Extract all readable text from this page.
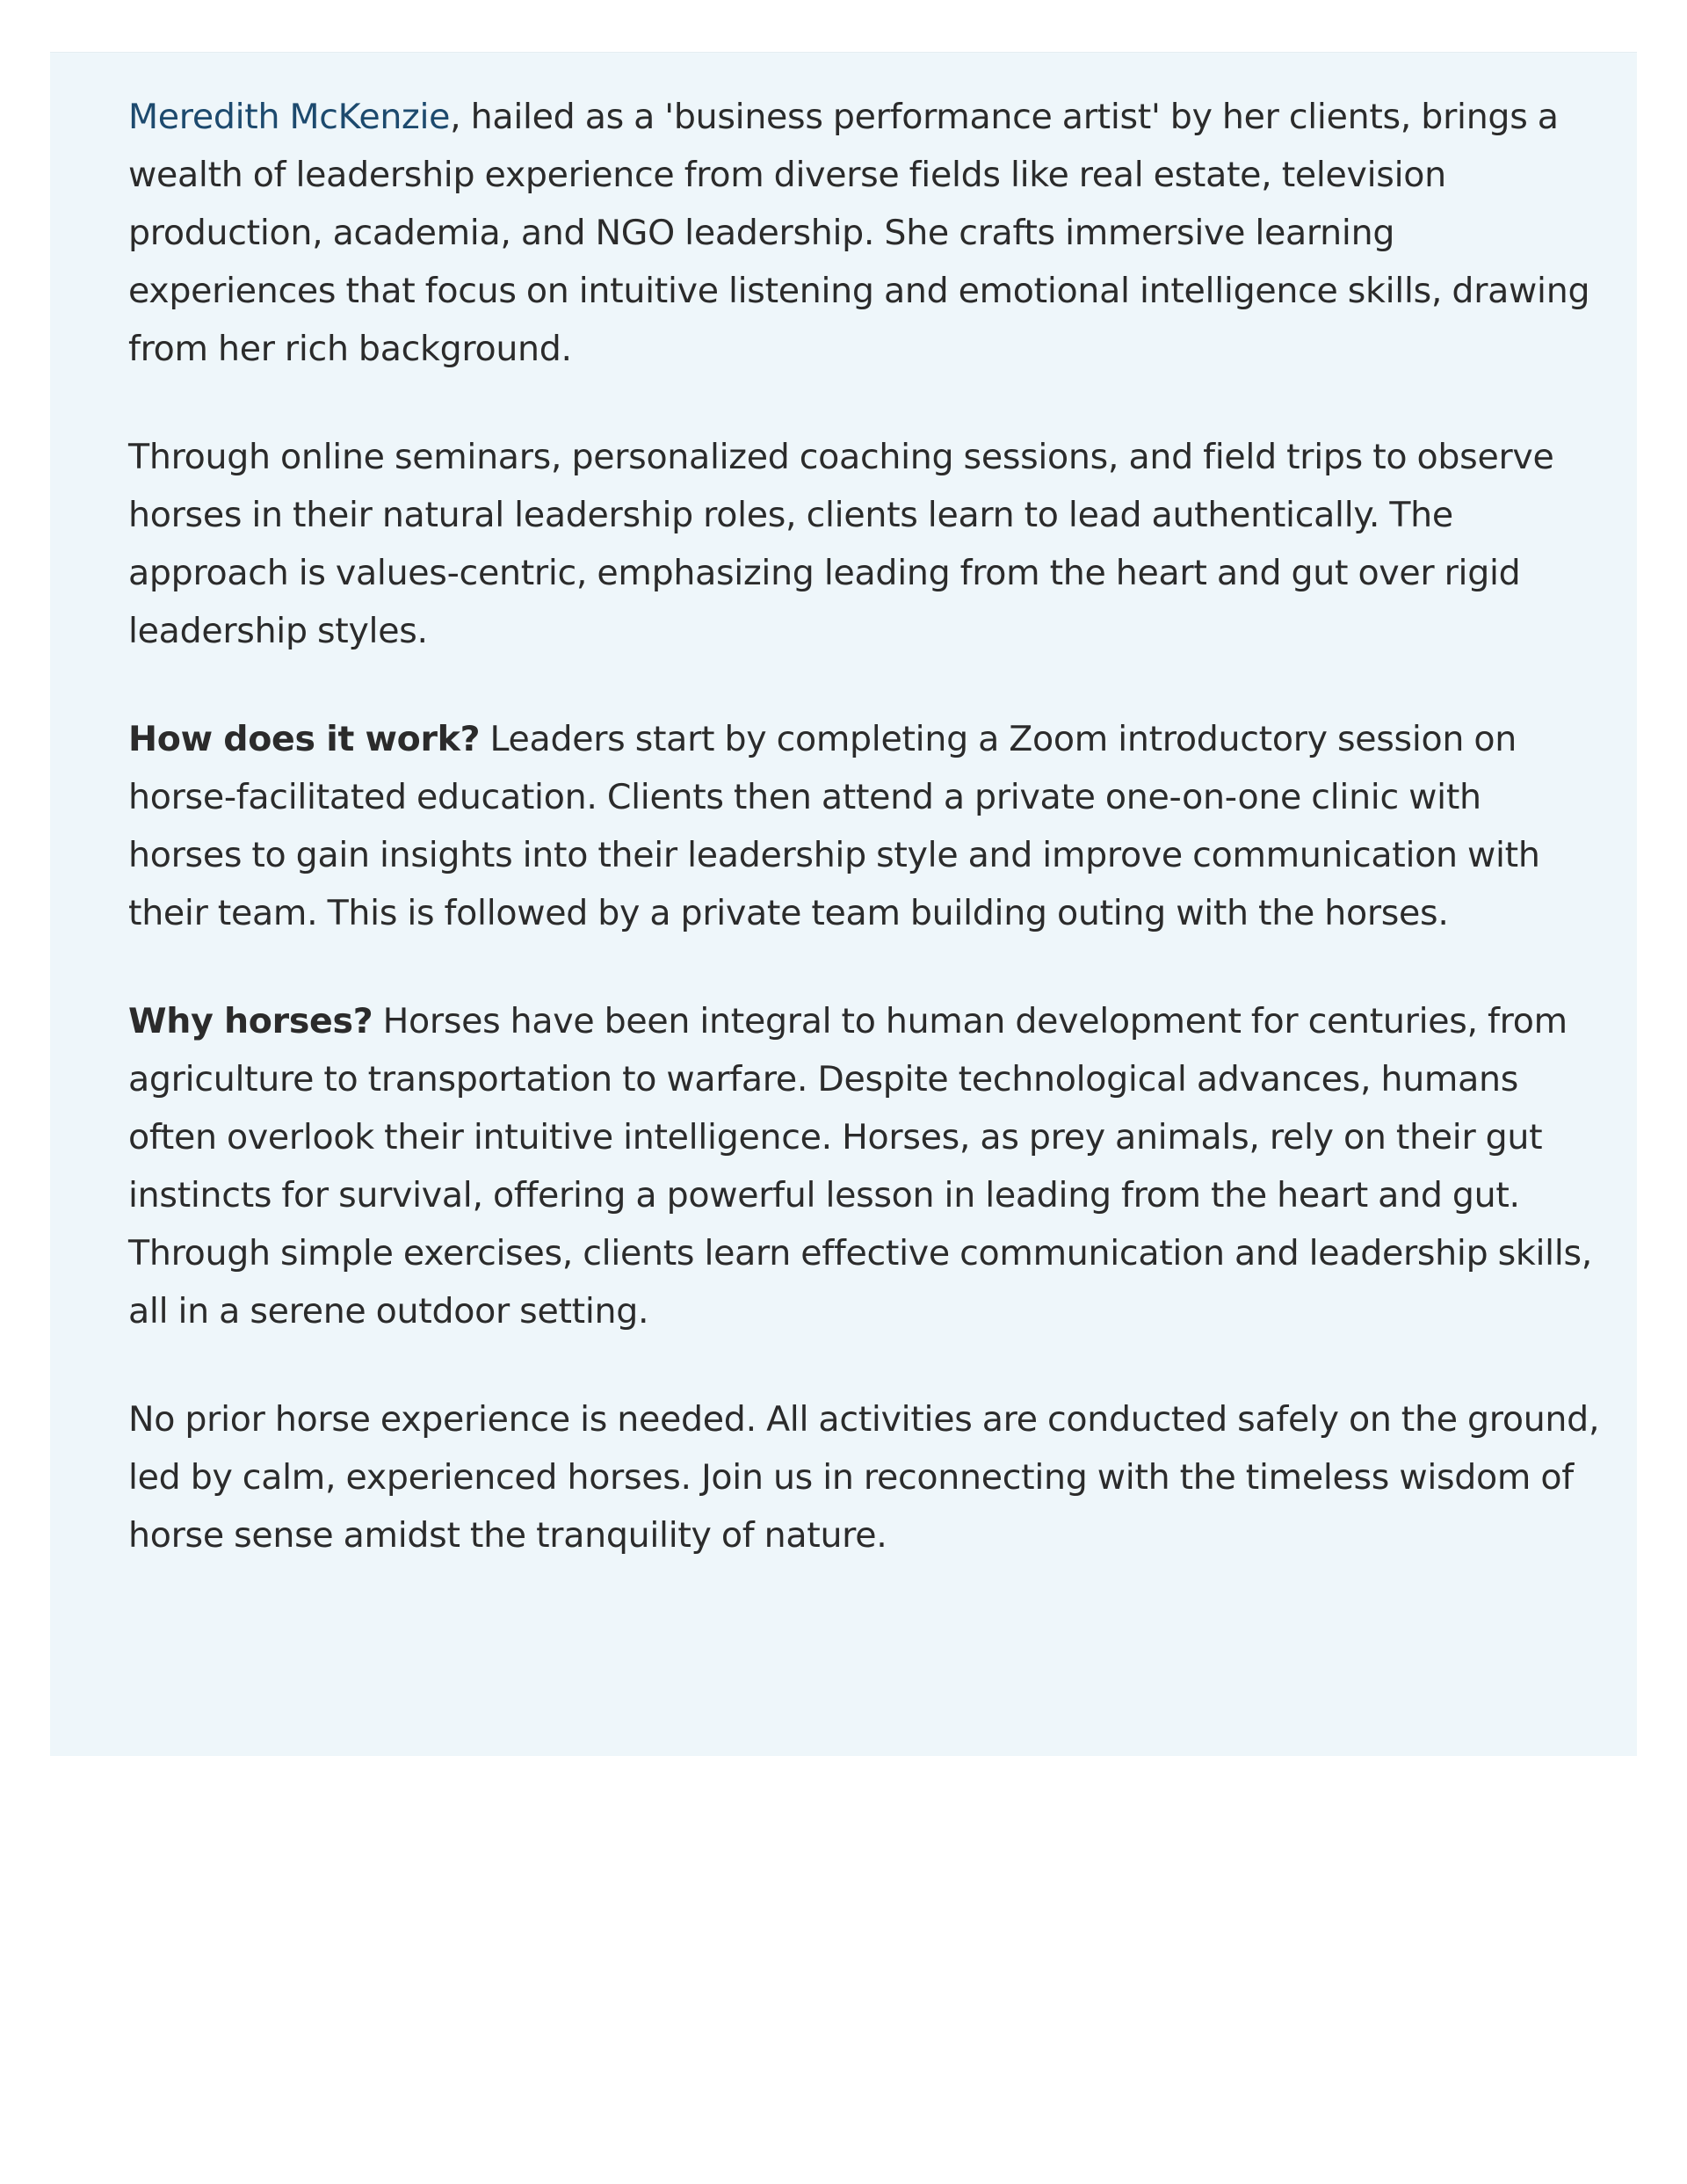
Meredith McKenzie, hailed as a 'business performance artist' by her clients, brings a wealth of leadership experience from diverse fields like real estate, television production, academia, and NGO leadership. She crafts immersive learning experiences that focus on intuitive listening and emotional intelligence skills, drawing from her rich background.

Through online seminars, personalized coaching sessions, and field trips to observe horses in their natural leadership roles, clients learn to lead authentically. The approach is values-centric, emphasizing leading from the heart and gut over rigid leadership styles.

How does it work? Leaders start by completing a Zoom introductory session on horse-facilitated education. Clients then attend a private one-on-one clinic with horses to gain insights into their leadership style and improve communication with their team. This is followed by a private team building outing with the horses.

Why horses? Horses have been integral to human development for centuries, from agriculture to transportation to warfare. Despite technological advances, humans often overlook their intuitive intelligence. Horses, as prey animals, rely on their gut instincts for survival, offering a powerful lesson in leading from the heart and gut. Through simple exercises, clients learn effective communication and leadership skills, all in a serene outdoor setting.

No prior horse experience is needed. All activities are conducted safely on the ground, led by calm, experienced horses. Join us in reconnecting with the timeless wisdom of horse sense amidst the tranquility of nature.
